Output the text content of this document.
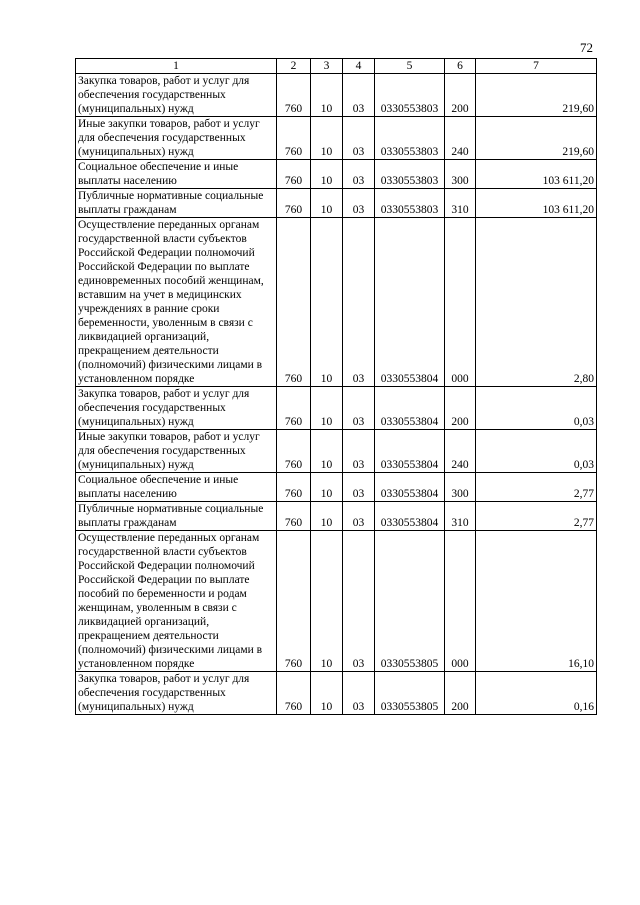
72
1	2	3	4	5	6	7
Закупка товаров, работ и услуг для обеспечения государственных (муниципальных) нужд	760	10	03	0330553803	200	219,60
Иные закупки товаров, работ и услуг для обеспечения государственных (муниципальных) нужд	760	10	03	0330553803	240	219,60
Социальное обеспечение и иные выплаты населению	760	10	03	0330553803	300	103 611,20
Публичные нормативные социальные выплаты гражданам	760	10	03	0330553803	310	103 611,20
Осуществление переданных органам государственной власти субъектов Российской Федерации полномочий Российской Федерации по выплате единовременных пособий женщинам, вставшим на учет в медицинских учреждениях в ранние сроки беременности, уволенным в связи с ликвидацией организаций, прекращением деятельности (полномочий) физическими лицами в установленном порядке	760	10	03	0330553804	000	2,80
Закупка товаров, работ и услуг для обеспечения государственных (муниципальных) нужд	760	10	03	0330553804	200	0,03
Иные закупки товаров, работ и услуг для обеспечения государственных (муниципальных) нужд	760	10	03	0330553804	240	0,03
Социальное обеспечение и иные выплаты населению	760	10	03	0330553804	300	2,77
Публичные нормативные социальные выплаты гражданам	760	10	03	0330553804	310	2,77
Осуществление переданных органам государственной власти субъектов Российской Федерации полномочий Российской Федерации по выплате пособий по беременности и родам женщинам, уволенным в связи с ликвидацией организаций, прекращением деятельности (полномочий) физическими лицами в установленном порядке	760	10	03	0330553805	000	16,10
Закупка товаров, работ и услуг для обеспечения государственных (муниципальных) нужд	760	10	03	0330553805	200	0,16
